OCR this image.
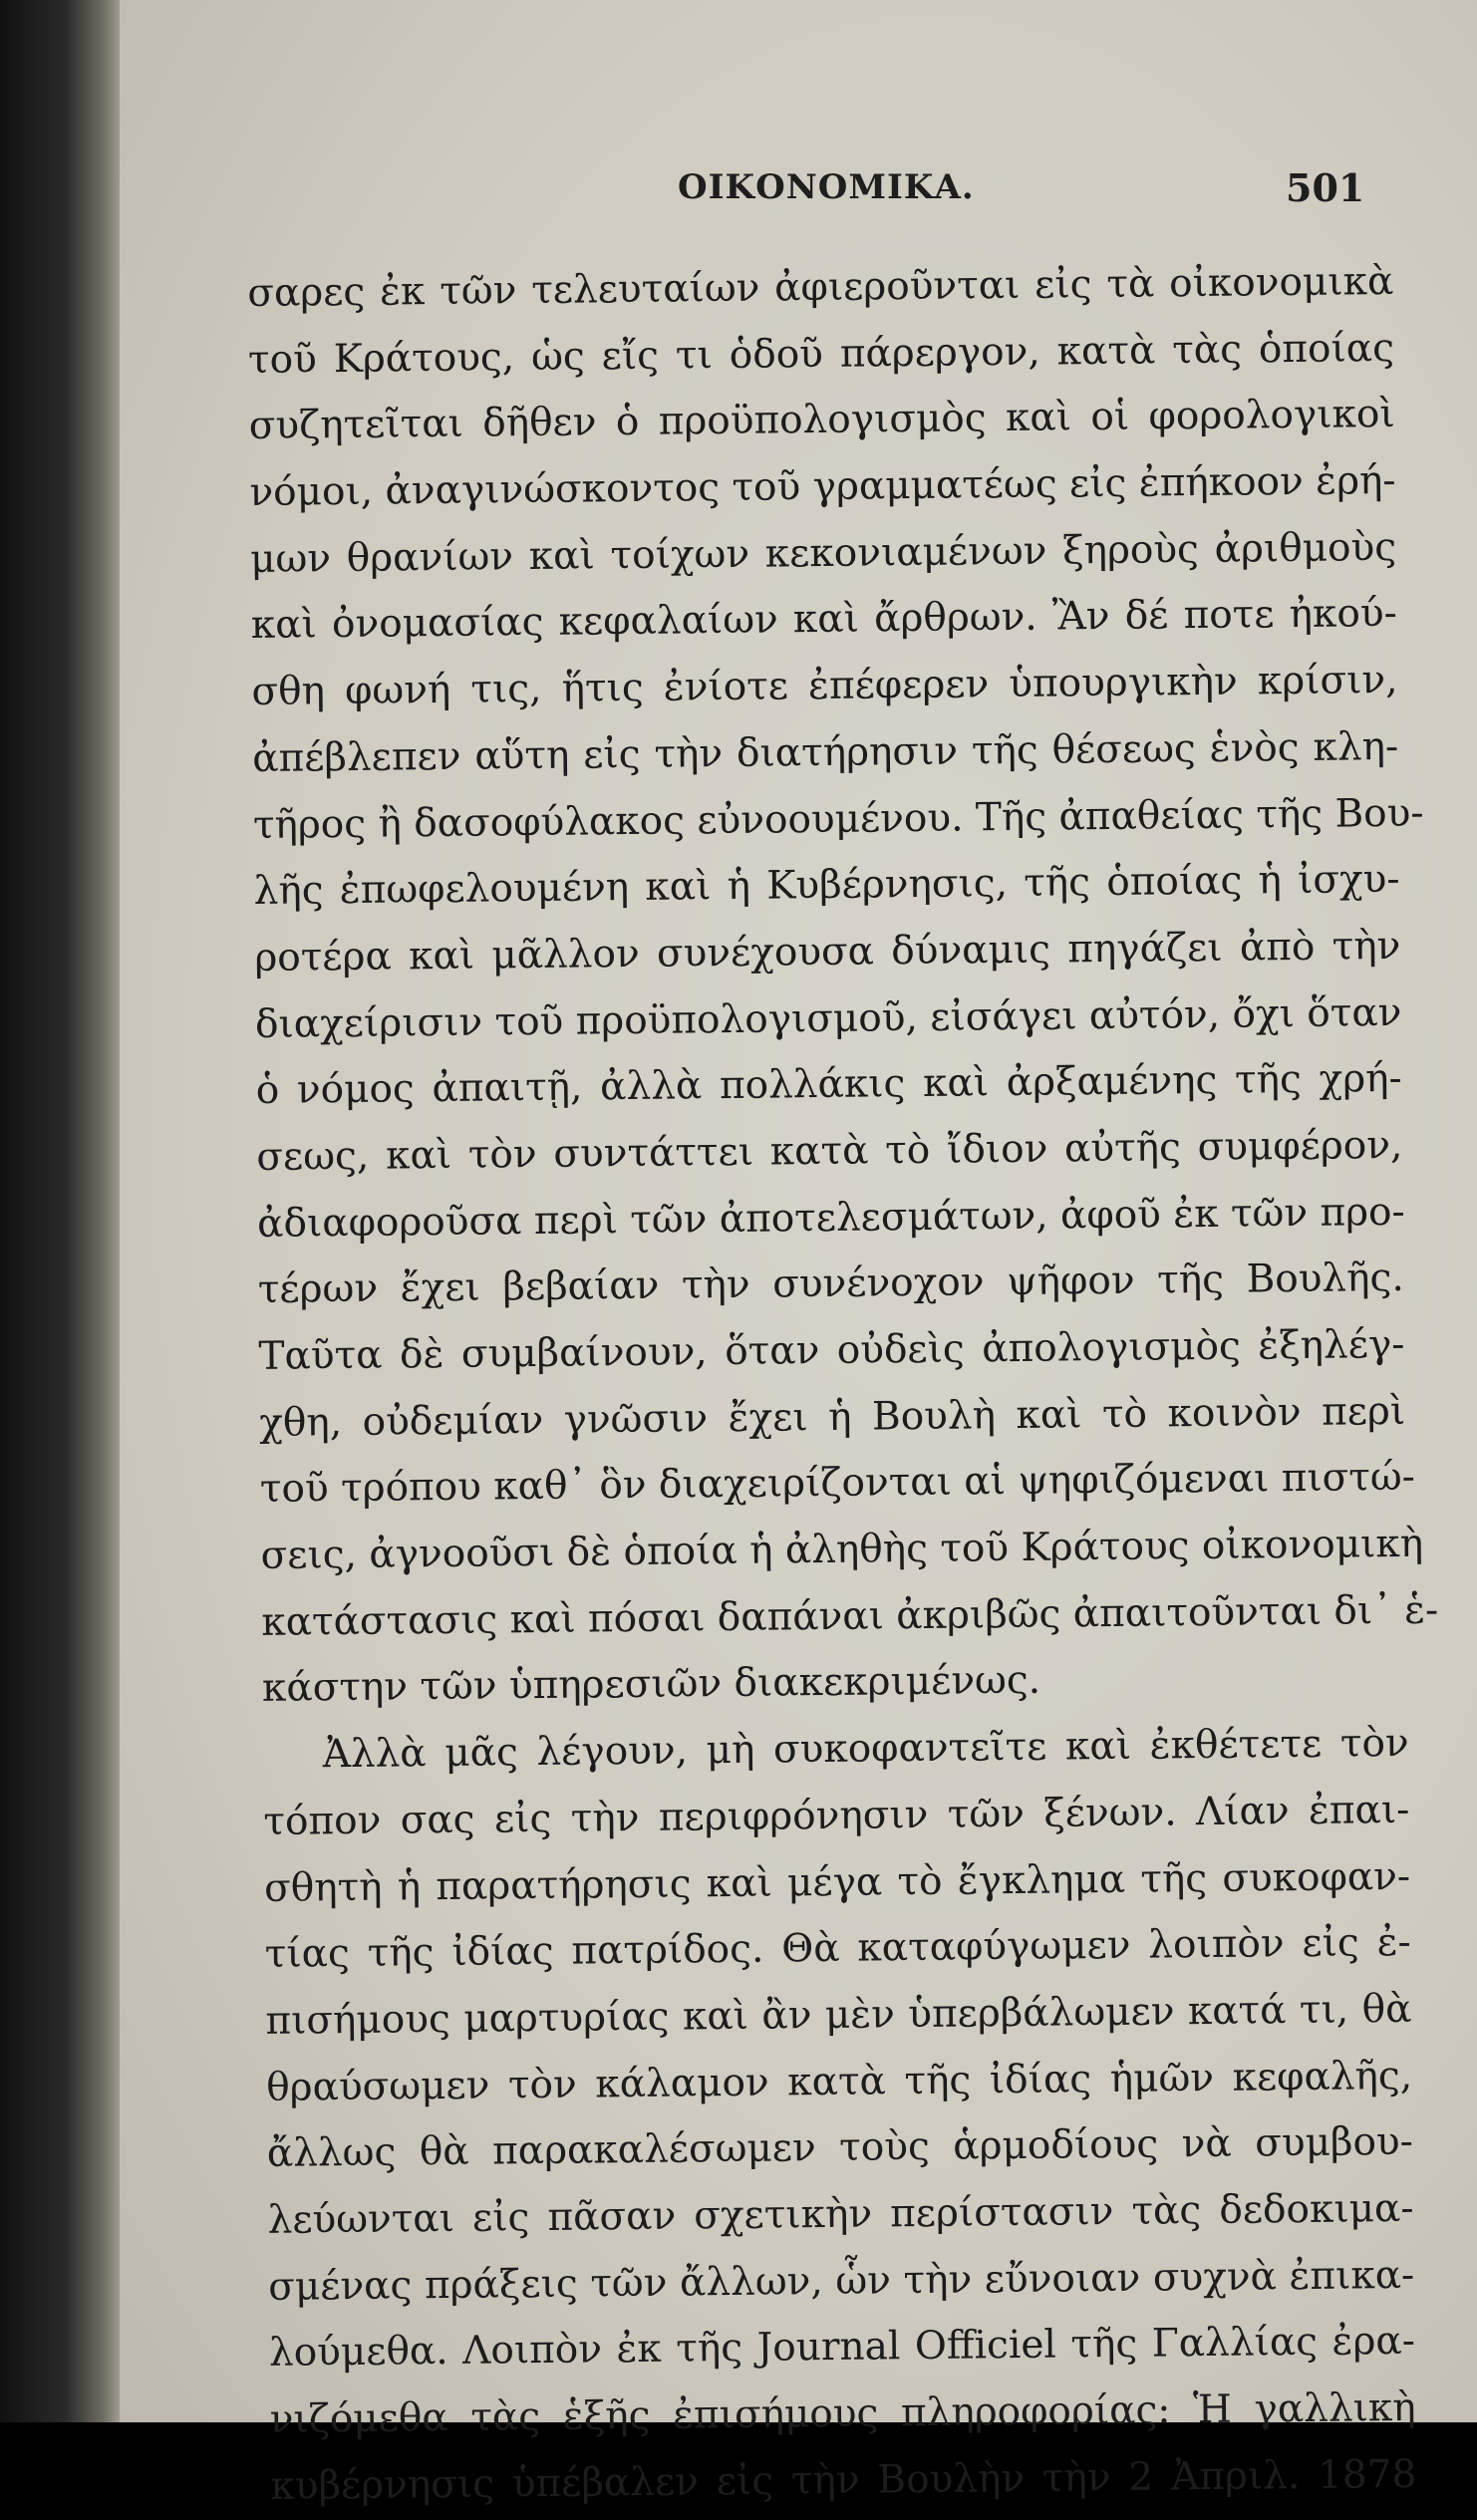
ΟΙΚΟΝΟΜΙΚΑ.	501
σαρες ἐκ τῶν τελευταίων ἀφιεροῦνται εἰς τὰ οἰκονομικὰ
τοῦ Κράτους, ὡς εἴς τι ὁδοῦ πάρεργον, κατὰ τὰς ὁποίας
συζητεῖται δῆθεν ὁ προϋπολογισμὸς καὶ οἱ φορολογικοὶ
νόμοι, ἀναγινώσκοντος τοῦ γραμματέως εἰς ἐπήκοον ἐρή-
μων θρανίων καὶ τοίχων κεκονιαμένων ξηροὺς ἀριθμοὺς
καὶ ὀνομασίας κεφαλαίων καὶ ἄρθρων. Ἂν δέ ποτε ἠκού-
σθη φωνή τις, ἥτις ἐνίοτε ἐπέφερεν ὑπουργικὴν κρίσιν,
ἀπέβλεπεν αὕτη εἰς τὴν διατήρησιν τῆς θέσεως ἑνὸς κλη-
τῆρος ἢ δασοφύλακος εὐνοουμένου. Τῆς ἀπαθείας τῆς Βου-
λῆς ἐπωφελουμένη καὶ ἡ Κυβέρνησις, τῆς ὁποίας ἡ ἰσχυ-
ροτέρα καὶ μᾶλλον συνέχουσα δύναμις πηγάζει ἀπὸ τὴν
διαχείρισιν τοῦ προϋπολογισμοῦ, εἰσάγει αὐτόν, ὄχι ὅταν
ὁ νόμος ἀπαιτῇ, ἀλλὰ πολλάκις καὶ ἀρξαμένης τῆς χρή-
σεως, καὶ τὸν συντάττει κατὰ τὸ ἴδιον αὐτῆς συμφέρον,
ἀδιαφοροῦσα περὶ τῶν ἀποτελεσμάτων, ἀφοῦ ἐκ τῶν προ-
τέρων ἔχει βεβαίαν τὴν συνένοχον ψῆφον τῆς Βουλῆς.
Ταῦτα δὲ συμβαίνουν, ὅταν οὐδεὶς ἀπολογισμὸς ἐξηλέγ-
χθη, οὐδεμίαν γνῶσιν ἔχει ἡ Βουλὴ καὶ τὸ κοινὸν περὶ
τοῦ τρόπου καθ᾽ ὃν διαχειρίζονται αἱ ψηφιζόμεναι πιστώ-
σεις, ἀγνοοῦσι δὲ ὁποία ἡ ἀληθὴς τοῦ Κράτους οἰκονομικὴ
κατάστασις καὶ πόσαι δαπάναι ἀκριβῶς ἀπαιτοῦνται δι᾽ ἑ-
κάστην τῶν ὑπηρεσιῶν διακεκριμένως.
Ἀλλὰ μᾶς λέγουν, μὴ συκοφαντεῖτε καὶ ἐκθέτετε τὸν
τόπον σας εἰς τὴν περιφρόνησιν τῶν ξένων. Λίαν ἐπαι-
σθητὴ ἡ παρατήρησις καὶ μέγα τὸ ἔγκλημα τῆς συκοφαν-
τίας τῆς ἰδίας πατρίδος. Θὰ καταφύγωμεν λοιπὸν εἰς ἐ-
πισήμους μαρτυρίας καὶ ἂν μὲν ὑπερβάλωμεν κατά τι, θὰ
θραύσωμεν τὸν κάλαμον κατὰ τῆς ἰδίας ἡμῶν κεφαλῆς,
ἄλλως θὰ παρακαλέσωμεν τοὺς ἁρμοδίους νὰ συμβου-
λεύωνται εἰς πᾶσαν σχετικὴν περίστασιν τὰς δεδοκιμα-
σμένας πράξεις τῶν ἄλλων, ὧν τὴν εὔνοιαν συχνὰ ἐπικα-
λούμεθα. Λοιπὸν ἐκ τῆς Journal Officiel τῆς Γαλλίας ἐρα-
νιζόμεθα τὰς ἑξῆς ἐπισήμους πληροφορίας: Ἡ γαλλικὴ
κυβέρνησις ὑπέβαλεν εἰς τὴν Βουλὴν τὴν 2 Ἀπριλ. 1878
